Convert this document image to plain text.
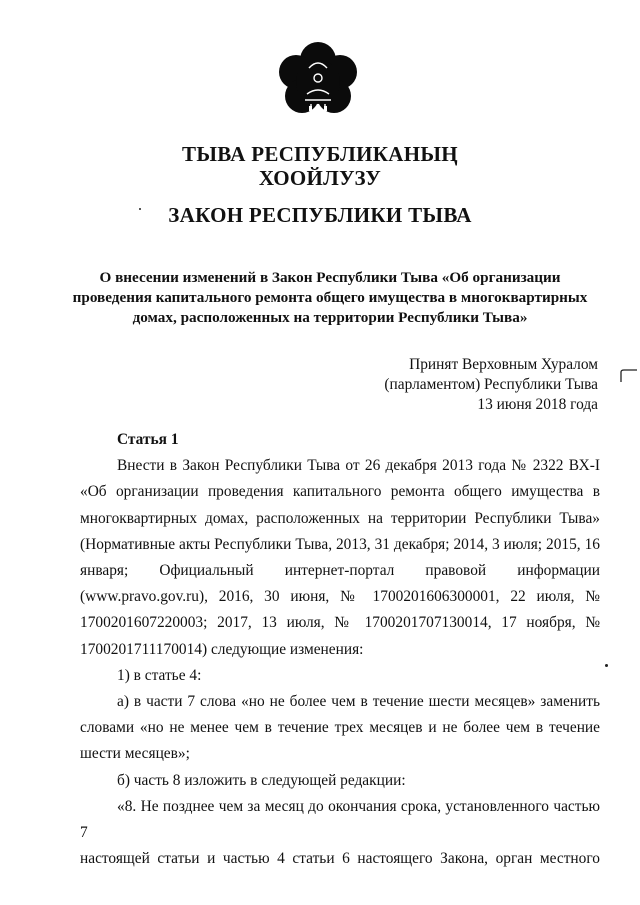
ТЫВА РЕСПУБЛИКАНЫҢ
ХООЙЛУЗУ
ЗАКОН РЕСПУБЛИКИ ТЫВА
О внесении изменений в Закон Республики Тыва «Об организации
проведения капитального ремонта общего имущества в многоквартирных
домах, расположенных на территории Республики Тыва»
Принят Верховным Хуралом
(парламентом) Республики Тыва
13 июня 2018 года

Статья 1

Внести в Закон Республики Тыва от 26 декабря 2013 года № 2322 ВХ-I

«Об организации проведения капитального ремонта общего имущества в

многоквартирных домах, расположенных на территории Республики Тыва»

(Нормативные акты Республики Тыва, 2013, 31 декабря; 2014, 3 июля; 2015, 16

января; Официальный интернет-портал правовой информации

(www.pravo.gov.ru), 2016, 30 июня, № 1700201606300001, 22 июля, №

1700201607220003; 2017, 13 июля, № 1700201707130014, 17 ноября, №

1700201711170014) следующие изменения:

1) в статье 4:

а) в части 7 слова «но не более чем в течение шести месяцев» заменить

словами «но не менее чем в течение трех месяцев и не более чем в течение

шести месяцев»;

б) часть 8 изложить в следующей редакции:

«8. Не позднее чем за месяц до окончания срока, установленного частью 7

настоящей статьи и частью 4 статьи 6 настоящего Закона, орган местного
